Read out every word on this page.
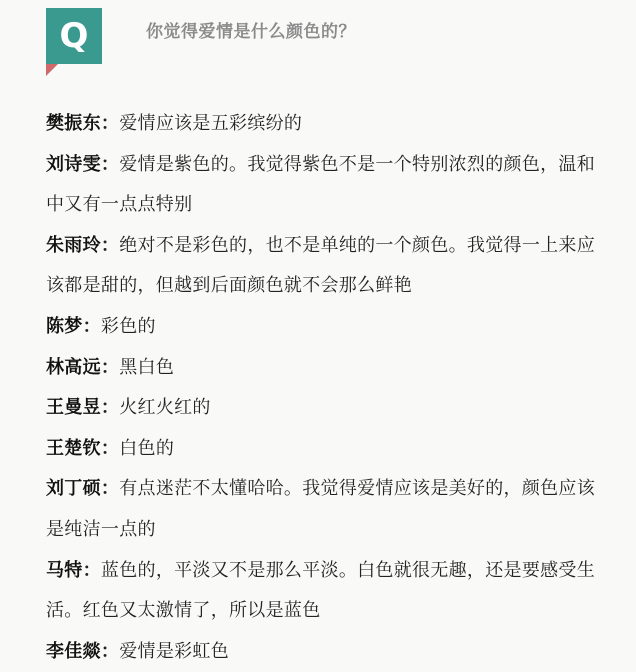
Q	你觉得爱情是什么颜色的？
樊振东：爱情应该是五彩缤纷的
刘诗雯：爱情是紫色的。我觉得紫色不是一个特别浓烈的颜色，温和中又有一点点特别
朱雨玲：绝对不是彩色的，也不是单纯的一个颜色。我觉得一上来应该都是甜的，但越到后面颜色就不会那么鲜艳
陈梦：彩色的
林高远：黑白色
王曼昱：火红火红的
王楚钦：白色的
刘丁硕：有点迷茫不太懂哈哈。我觉得爱情应该是美好的，颜色应该是纯洁一点的
马特：蓝色的，平淡又不是那么平淡。白色就很无趣，还是要感受生活。红色又太激情了，所以是蓝色
李佳燚：爱情是彩虹色
